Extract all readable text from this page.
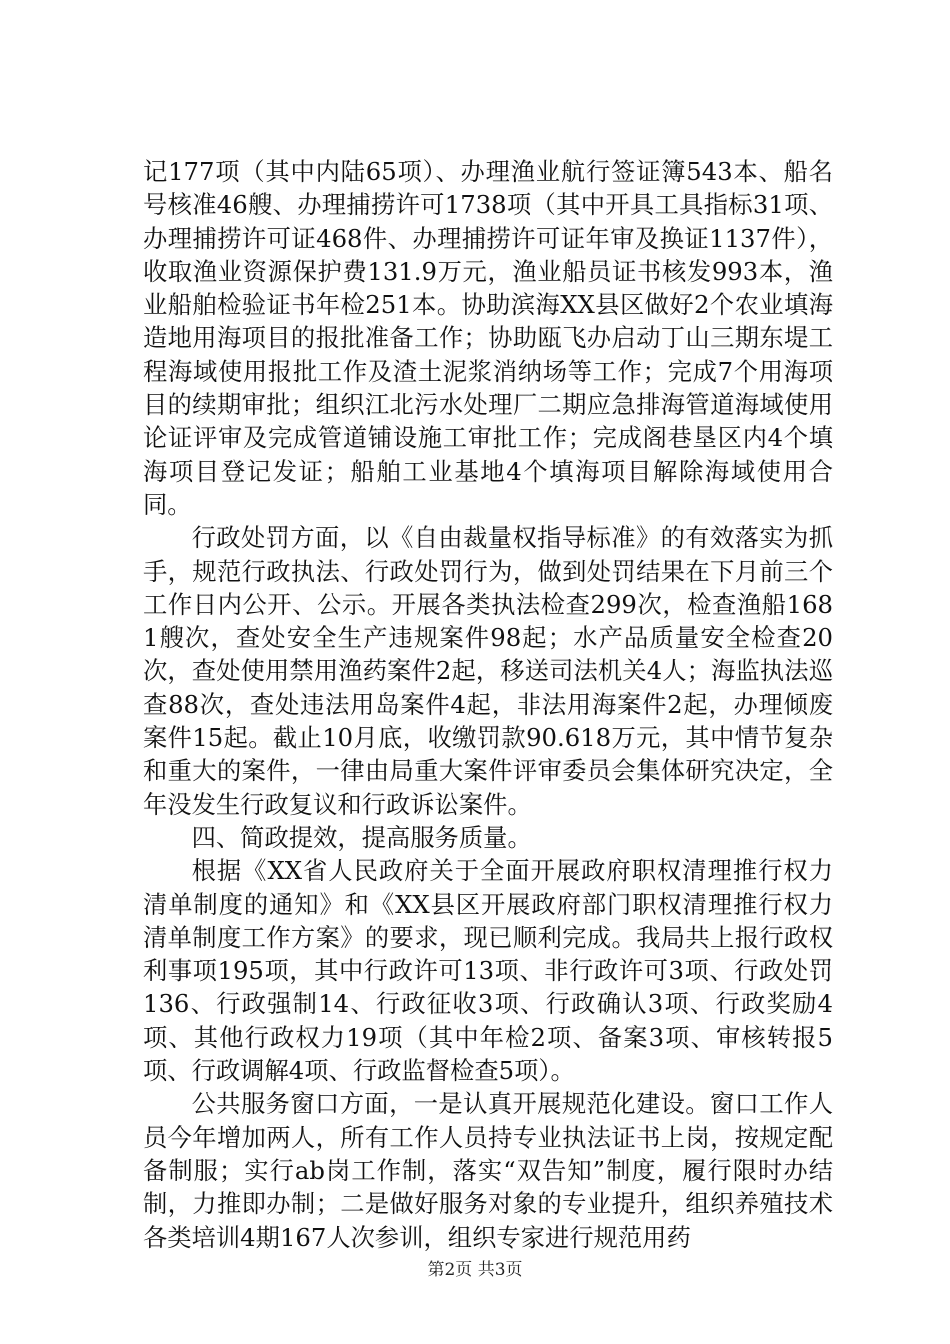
记177项（其中内陆65项）、办理渔业航行签证簿543本、船名号核准46艘、办理捕捞许可1738项（其中开具工具指标31项、办理捕捞许可证468件、办理捕捞许可证年审及换证1137件），收取渔业资源保护费131.9万元，渔业船员证书核发993本，渔业船舶检验证书年检251本。协助滨海XX县区做好2个农业填海造地用海项目的报批准备工作；协助瓯飞办启动丁山三期东堤工程海域使用报批工作及渣土泥浆消纳场等工作；完成7个用海项目的续期审批；组织江北污水处理厂二期应急排海管道海域使用论证评审及完成管道铺设施工审批工作；完成阁巷垦区内4个填海项目登记发证；船舶工业基地4个填海项目解除海域使用合同。

行政处罚方面，以《自由裁量权指导标准》的有效落实为抓手，规范行政执法、行政处罚行为，做到处罚结果在下月前三个工作日内公开、公示。开展各类执法检查299次，检查渔船1681艘次，查处安全生产违规案件98起；水产品质量安全检查20次，查处使用禁用渔药案件2起，移送司法机关4人；海监执法巡查88次，查处违法用岛案件4起，非法用海案件2起，办理倾废案件15起。截止10月底，收缴罚款90.618万元，其中情节复杂和重大的案件，一律由局重大案件评审委员会集体研究决定，全年没发生行政复议和行政诉讼案件。

四、简政提效，提高服务质量。

根据《XX省人民政府关于全面开展政府职权清理推行权力清单制度的通知》和《XX县区开展政府部门职权清理推行权力清单制度工作方案》的要求，现已顺利完成。我局共上报行政权利事项195项，其中行政许可13项、非行政许可3项、行政处罚136、行政强制14、行政征收3项、行政确认3项、行政奖励4项、其他行政权力19项（其中年检2项、备案3项、审核转报5项、行政调解4项、行政监督检查5项）。

公共服务窗口方面，一是认真开展规范化建设。窗口工作人员今年增加两人，所有工作人员持专业执法证书上岗，按规定配备制服；实行ab岗工作制，落实“双告知”制度，履行限时办结制，力推即办制；二是做好服务对象的专业提升，组织养殖技术各类培训4期167人次参训，组织专家进行规范用药

第2页 共3页
